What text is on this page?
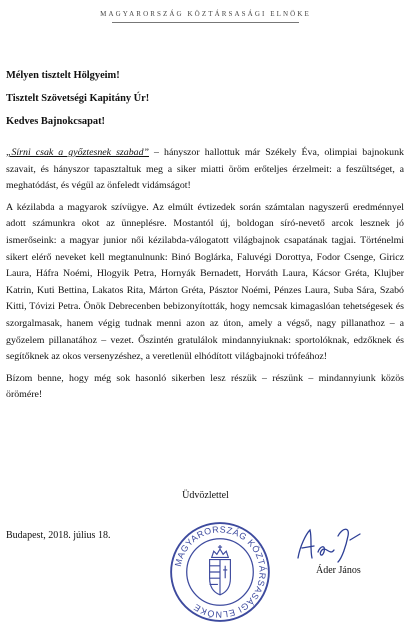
MAGYARORSZÁG KÖZTÁRSASÁGI ELNÖKE
Mélyen tisztelt Hölgyeim!
Tisztelt Szövetségi Kapitány Úr!
Kedves Bajnokcsapat!

„Sírni csak a győztesnek szabad” – hányszor hallottuk már Székely Éva, olimpiai bajnokunk szavait, és hányszor tapasztaltuk meg a siker miatti öröm erőteljes érzelmeit: a feszültséget, a meghatódást, és végül az önfeledt vidámságot!

A kézilabda a magyarok szívügye. Az elmúlt évtizedek során számtalan nagyszerű eredménnyel adott számunkra okot az ünneplésre. Mostantól új, boldogan síró-nevető arcok lesznek jó ismerőseink: a magyar junior női kézilabda-válogatott világbajnok csapatának tagjai. Történelmi sikert elérő neveket kell megtanulnunk: Binó Boglárka, Faluvégi Dorottya, Fodor Csenge, Giricz Laura, Háfra Noémi, Hlogyik Petra, Hornyák Bernadett, Horváth Laura, Kácsor Gréta, Klujber Katrin, Kuti Bettina, Lakatos Rita, Márton Gréta, Pásztor Noémi, Pénzes Laura, Suba Sára, Szabó Kitti, Tóvizi Petra. Önök Debrecenben bebizonyították, hogy nemcsak kimagaslóan tehetségesek és szorgalmasak, hanem végig tudnak menni azon az úton, amely a végső, nagy pillanathoz – a győzelem pillanatához – vezet. Őszintén gratulálok mindannyiuknak: sportolóknak, edzőknek és segítőknek az okos versenyzéshez, a veretlenül elhódított világbajnoki trófeához!

Bízom benne, hogy még sok hasonló sikerben lesz részük – részünk – mindannyiunk közös örömére!

Üdvözlettel
Budapest, 2018. július 18.
MAGYARORSZÁG KÖZTÁRSASÁGI ELNÖKE
Áder János
